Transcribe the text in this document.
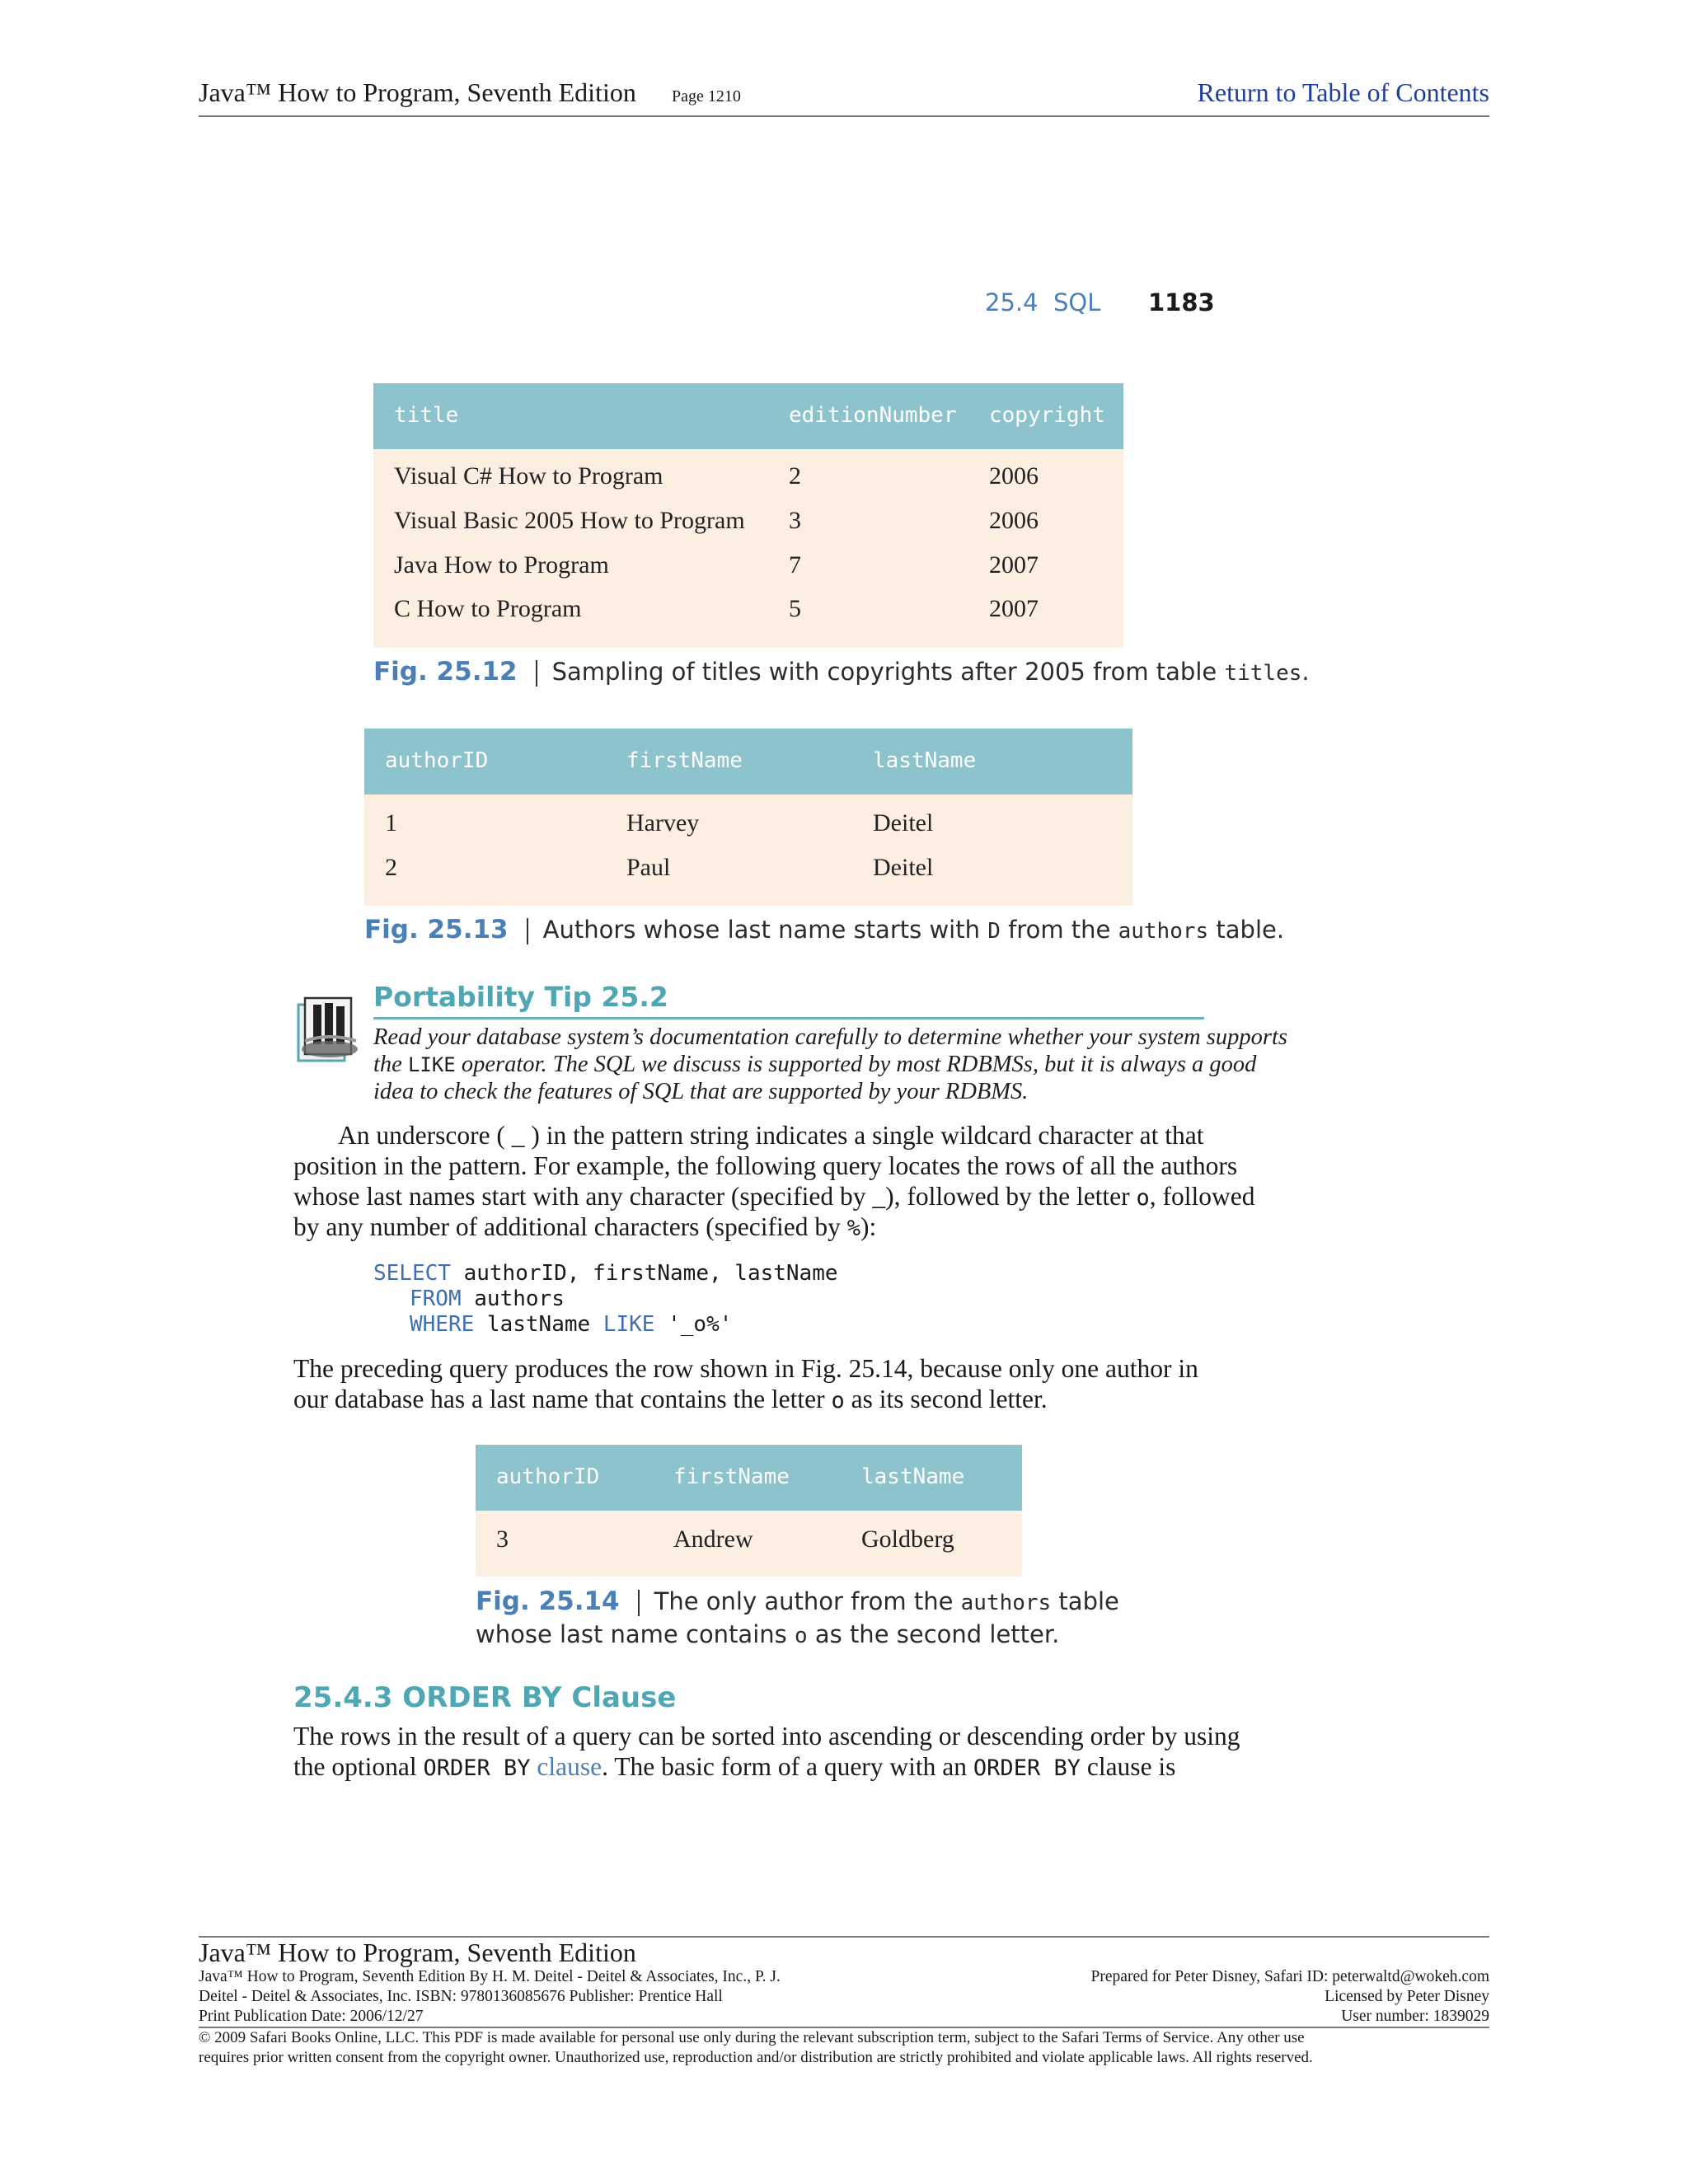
Java™ How to Program, Seventh Edition Page 1210	Return to Table of Contents
25.4 SQL 1183
title	editionNumber copyright
Visual C# How to Program	2	2006
Visual Basic 2005 How to Program 3	2006
Java How to Program	7	2007
C How to Program	5	2007
Fig. 25.12 Sampling of titles with copyrights after 2005 from table titles.
authorID	firstName	lastName
1	Harvey	Deitel
2	Paul	Deitel
Fig. 25.13 Authors whose last name starts with D from the authors table.
Portability Tip 25.2
Read your database system’s documentation carefully to determine whether your system supports
the LIKE operator. The SQL we discuss is supported by most RDBMSs, but it is always a good
idea to check the features of SQL that are supported by your RDBMS.
An underscore ( _ ) in the pattern string indicates a single wildcard character at that
position in the pattern. For example, the following query locates the rows of all the authors
whose last names start with any character (specified by _), followed by the letter o, followed
by any number of additional characters (specified by %):
SELECT authorID, firstName, lastName
FROM authors
WHERE lastName LIKE '_o%'
The preceding query produces the row shown in Fig. 25.14, because only one author in
our database has a last name that contains the letter o as its second letter.
authorID	firstName	lastName
3	Andrew	Goldberg
Fig. 25.14 The only author from the authors table
whose last name contains o as the second letter.
25.4.3 ORDER BY Clause
The rows in the result of a query can be sorted into ascending or descending order by using
the optional ORDER BY clause. The basic form of a query with an ORDER BY clause is
Java™ How to Program, Seventh Edition
Java™ How to Program, Seventh Edition By H. M. Deitel - Deitel & Associates, Inc., P. J.
Deitel - Deitel & Associates, Inc. ISBN: 9780136085676 Publisher: Prentice Hall
Print Publication Date: 2006/12/27
Prepared for Peter Disney, Safari ID: peterwaltd@wokeh.com
Licensed by Peter Disney
User number: 1839029
© 2009 Safari Books Online, LLC. This PDF is made available for personal use only during the relevant subscription term, subject to the Safari Terms of Service. Any other use
requires prior written consent from the copyright owner. Unauthorized use, reproduction and/or distribution are strictly prohibited and violate applicable laws. All rights reserved.
